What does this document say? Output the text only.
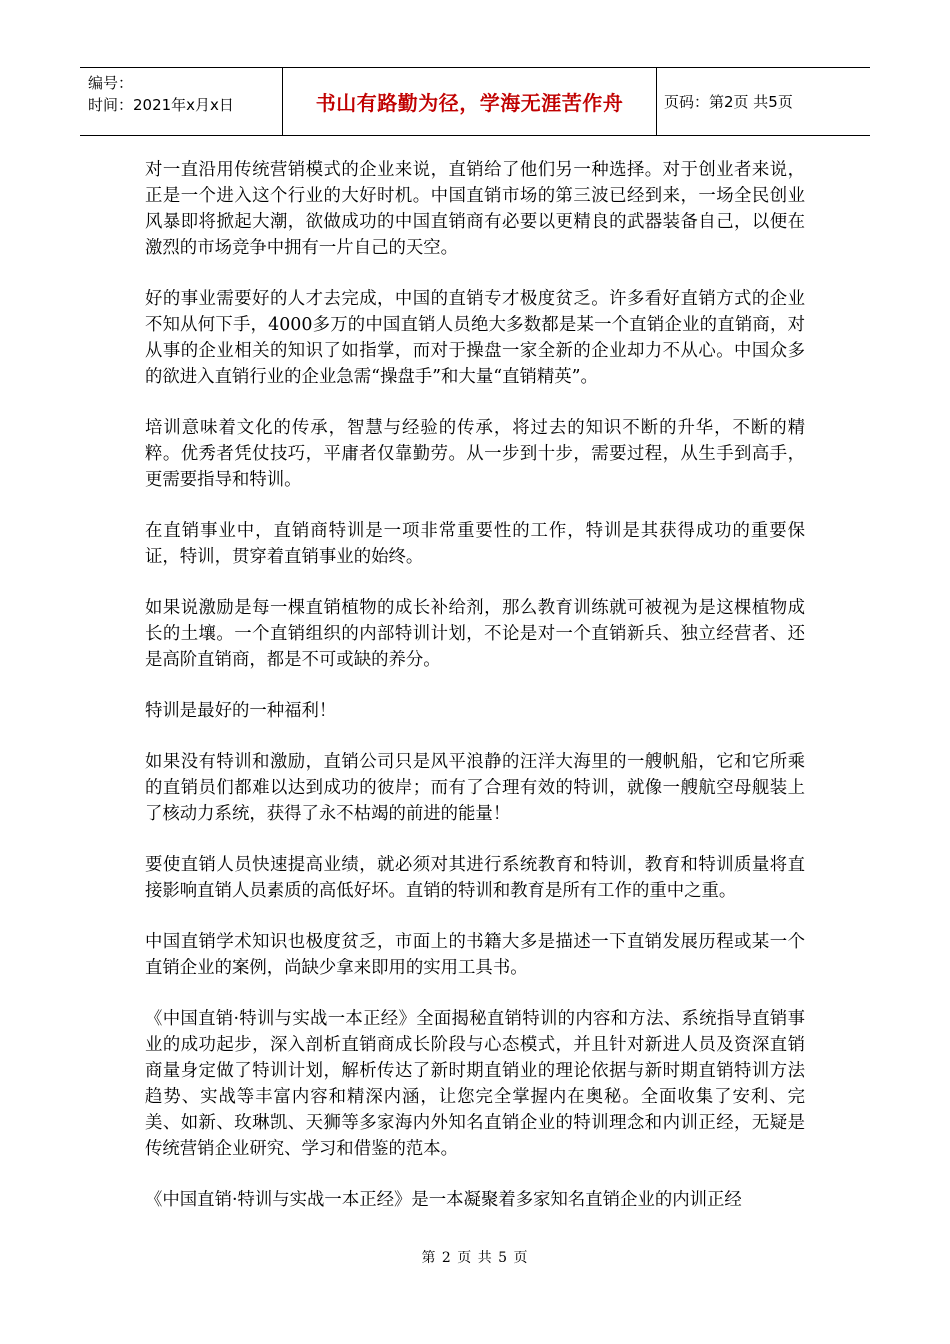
编号：
时间：2021年x月x日	书山有路勤为径，学海无涯苦作舟	页码：第2页 共5页

对一直沿用传统营销模式的企业来说，直销给了他们另一种选择。对于创业者来说，正是一个进入这个行业的大好时机。中国直销市场的第三波已经到来，一场全民创业风暴即将掀起大潮，欲做成功的中国直销商有必要以更精良的武器装备自己，以便在激烈的市场竞争中拥有一片自己的天空。

好的事业需要好的人才去完成，中国的直销专才极度贫乏。许多看好直销方式的企业不知从何下手，4000多万的中国直销人员绝大多数都是某一个直销企业的直销商，对从事的企业相关的知识了如指掌，而对于操盘一家全新的企业却力不从心。中国众多的欲进入直销行业的企业急需“操盘手”和大量“直销精英”。

培训意味着文化的传承，智慧与经验的传承，将过去的知识不断的升华，不断的精粹。优秀者凭仗技巧，平庸者仅靠勤劳。从一步到十步，需要过程，从生手到高手，更需要指导和特训。

在直销事业中，直销商特训是一项非常重要性的工作，特训是其获得成功的重要保证，特训，贯穿着直销事业的始终。

如果说激励是每一棵直销植物的成长补给剂，那么教育训练就可被视为是这棵植物成长的土壤。一个直销组织的内部特训计划，不论是对一个直销新兵、独立经营者、还是高阶直销商，都是不可或缺的养分。

特训是最好的一种福利！

如果没有特训和激励，直销公司只是风平浪静的汪洋大海里的一艘帆船，它和它所乘的直销员们都难以达到成功的彼岸；而有了合理有效的特训，就像一艘航空母舰装上了核动力系统，获得了永不枯竭的前进的能量！

要使直销人员快速提高业绩，就必须对其进行系统教育和特训，教育和特训质量将直接影响直销人员素质的高低好坏。直销的特训和教育是所有工作的重中之重。

中国直销学术知识也极度贫乏，市面上的书籍大多是描述一下直销发展历程或某一个直销企业的案例，尚缺少拿来即用的实用工具书。

《中国直销·特训与实战一本正经》全面揭秘直销特训的内容和方法、系统指导直销事业的成功起步，深入剖析直销商成长阶段与心态模式，并且针对新进人员及资深直销商量身定做了特训计划，解析传达了新时期直销业的理论依据与新时期直销特训方法趋势、实战等丰富内容和精深内涵，让您完全掌握内在奥秘。全面收集了安利、完美、如新、玫琳凯、天狮等多家海内外知名直销企业的特训理念和内训正经，无疑是传统营销企业研究、学习和借鉴的范本。

《中国直销·特训与实战一本正经》是一本凝聚着多家知名直销企业的内训正经

第 2 页 共 5 页
